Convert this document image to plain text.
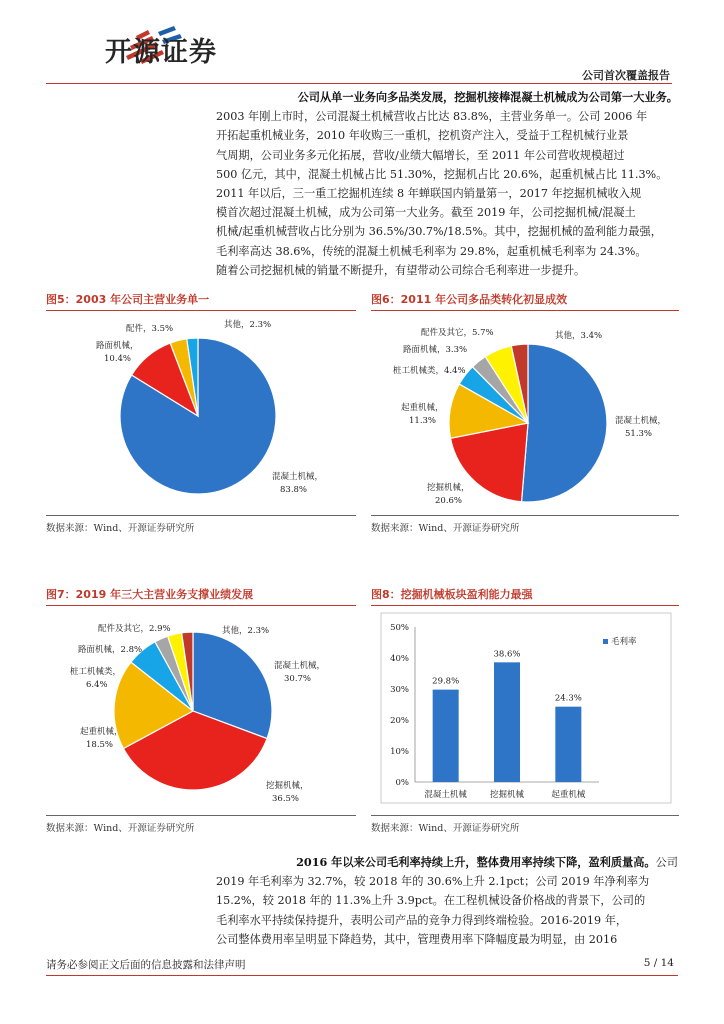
开源证券
公司首次覆盖报告
公司从单一业务向多品类发展，挖掘机接棒混凝土机械成为公司第一大业务。
2003 年刚上市时，公司混凝土机械营收占比达 83.8%，主营业务单一。公司 2006 年
开拓起重机械业务，2010 年收购三一重机，挖机资产注入，受益于工程机械行业景
气周期，公司业务多元化拓展，营收/业绩大幅增长，至 2011 年公司营收规模超过
500 亿元，其中，混凝土机械占比 51.30%，挖掘机占比 20.6%，起重机械占比 11.3%。
2011 年以后，三一重工挖掘机连续 8 年蝉联国内销量第一，2017 年挖掘机械收入规
模首次超过混凝土机械，成为公司第一大业务。截至 2019 年，公司挖掘机械/混凝土
机械/起重机械营收占比分别为 36.5%/30.7%/18.5%。其中，挖掘机械的盈利能力最强，
毛利率高达 38.6%，传统的混凝土机械毛利率为 29.8%，起重机械毛利率为 24.3%。
随着公司挖掘机械的销量不断提升，有望带动公司综合毛利率进一步提升。
图5：2003 年公司主营业务单一
混凝土机械，
83.8%
路面机械，
10.4%
配件，3.5%	其他，2.3%
数据来源：Wind、开源证券研究所
图6：2011 年公司多品类转化初显成效
混凝土机械，
51.3%
挖掘机械，
20.6%
起重机械，
11.3%
桩工机械类，4.4%
路面机械，3.3%
配件及其它，5.7%	其他，3.4%
数据来源：Wind、开源证券研究所
图7：2019 年三大主营业务支撑业绩发展
混凝土机械，
30.7%
挖掘机械，
36.5%
起重机械，
18.5%
桩工机械类，
6.4%
路面机械，2.8%
配件及其它，2.9%	其他，2.3%
数据来源：Wind、开源证券研究所
图8：挖掘机械板块盈利能力最强
0%
10%
20%
30%
40%
50%
29.8%
混凝土机械
38.6%
挖掘机械
24.3%
起重机械
毛利率
数据来源：Wind、开源证券研究所
2016 年以来公司毛利率持续上升，整体费用率持续下降，盈利质量高。公司
2019 年毛利率为 32.7%，较 2018 年的 30.6%上升 2.1pct；公司 2019 年净利率为
15.2%，较 2018 年的 11.3%上升 3.9pct。在工程机械设备价格战的背景下，公司的
毛利率水平持续保持提升，表明公司产品的竞争力得到终端检验。2016-2019 年，
公司整体费用率呈明显下降趋势，其中，管理费用率下降幅度最为明显，由 2016
请务必参阅正文后面的信息披露和法律声明	5 / 14
